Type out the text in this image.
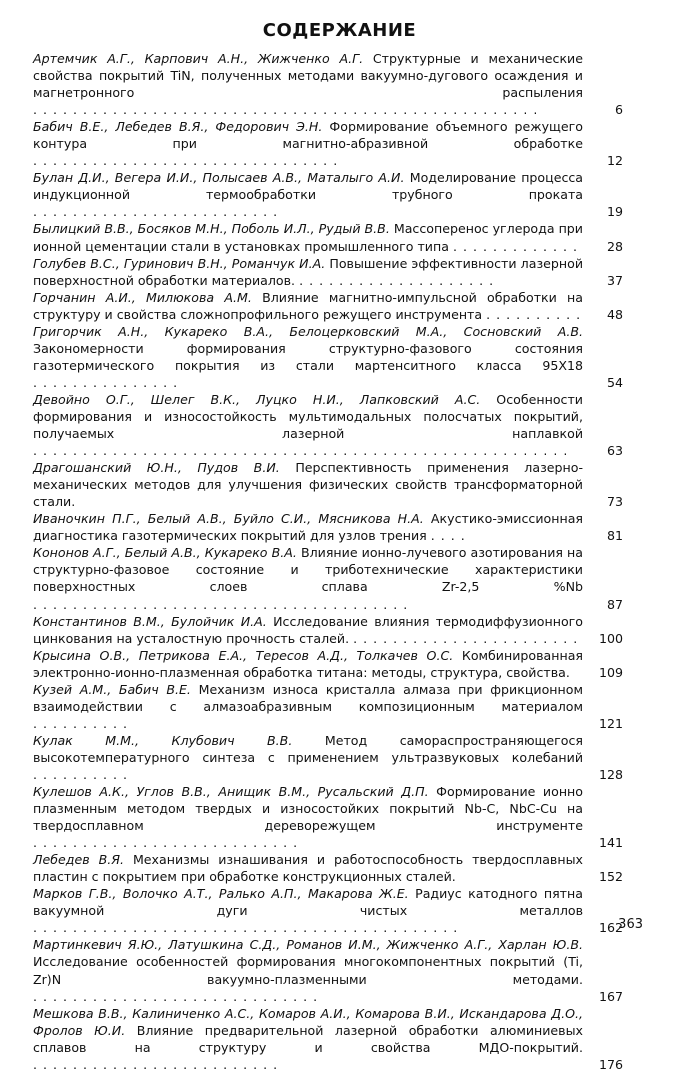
СОДЕРЖАНИЕ
Артемчик А.Г., Карпович А.Н., Жижченко А.Г. Структурные и механические свойства покрытий TiN, полученных методами вакуумно-дугового осаждения и магнетронного распыления . . . . . . . . . . . . . . . . . . . . . . . . . . . . . . . . . . . . . . . . . . . . . . . . . . .	6
Бабич В.Е., Лебедев В.Я., Федорович Э.Н. Формирование объемного режущего контура при магнитно-абразивной обработке . . . . . . . . . . . . . . . . . . . . . . . . . . . . . . .	12
Булан Д.И., Вегера И.И., Полысаев А.В., Маталыго А.И. Моделирование процесса индукционной термообработки трубного проката . . . . . . . . . . . . . . . . . . . . . . . . .	19
Былицкий В.В., Босяков М.Н., Поболь И.Л., Рудый В.В. Массоперенос углерода при ионной цементации стали в установках промышленного типа . . . . . . . . . . . . .	28
Голубев В.С., Гуринович В.Н., Романчук И.А. Повышение эффективности лазерной поверхностной обработки материалов. . . . . . . . . . . . . . . . . . . . .	37
Горчанин А.И., Милюкова А.М. Влияние магнитно-импульсной обработки на структуру и свойства сложнопрофильного режущего инструмента . . . . . . . . . .	48
Григорчик А.Н., Кукареко В.А., Белоцерковский М.А., Сосновский А.В. Закономерности формирования структурно-фазового состояния газотермического покрытия из стали мартенситного класса 95Х18 . . . . . . . . . . . . . . .	54
Девойно О.Г., Шелег В.К., Луцко Н.И., Лапковский А.С. Особенности формирования и износостойкость мультимодальных полосчатых покрытий, получаемых лазерной наплавкой . . . . . . . . . . . . . . . . . . . . . . . . . . . . . . . . . . . . . . . . . . . . . . . . . . . . . .	63
Драгошанский Ю.Н., Пудов В.И. Перспективность применения лазерно-механических методов для улучшения физических свойств трансформаторной стали.	73
Иваночкин П.Г., Белый А.В., Буйло С.И., Мясникова Н.А. Акустико-эмиссионная диагностика газотермических покрытий для узлов трения . . . .	81
Кононов А.Г., Белый А.В., Кукареко В.А. Влияние ионно-лучевого азотирования на структурно-фазовое состояние и триботехнические характеристики поверхностных слоев сплава Zr-2,5 %Nb . . . . . . . . . . . . . . . . . . . . . . . . . . . . . . . . . . . . . .	87
Константинов В.М., Булойчик И.А. Исследование влияния термодиффузионного цинкования на усталостную прочность сталей. . . . . . . . . . . . . . . . . . . . . . . .	100
Крысина О.В., Петрикова Е.А., Тересов А.Д., Толкачев О.С. Комбинированная электронно-ионно-плазменная обработка титана: методы, структура, свойства.	109
Кузей А.М., Бабич В.Е. Механизм износа кристалла алмаза при фрикционном взаимодействии с алмазоабразивным композиционным материалом . . . . . . . . . .	121
Кулак М.М., Клубович В.В.	Метод самораспространяющегося высокотемпературного синтеза с применением ультразвуковых колебаний . . . . . . . . . .	128
Кулешов А.К., Углов В.В., Анищик В.М., Русальский Д.П. Формирование ионно плазменным методом твердых и износостойких покрытий Nb-C, NbC-Cu на твердосплавном дереворежущем инструменте . . . . . . . . . . . . . . . . . . . . . . . . . . .	141
Лебедев В.Я. Механизмы изнашивания и работоспособность твердосплавных пластин с покрытием при обработке конструкционных сталей.	152
Марков Г.В., Волочко А.Т., Ралько А.П., Макарова Ж.Е. Радиус катодного пятна вакуумной дуги чистых металлов . . . . . . . . . . . . . . . . . . . . . . . . . . . . . . . . . . . . . . . . . . .	162
Мартинкевич Я.Ю., Латушкина С.Д., Романов И.М., Жижченко А.Г., Харлан Ю.В. Исследование особенностей формирования многокомпонентных покрытий (Ti, Zr)N вакуумно-плазменными методами. . . . . . . . . . . . . . . . . . . . . . . . . . . . . .	167
Мешкова В.В., Калиниченко А.С., Комаров А.И., Комарова В.И., Искандарова Д.О., Фролов Ю.И. Влияние предварительной лазерной обработки алюминиевых сплавов на структуру и свойства МДО-покрытий. . . . . . . . . . . . . . . . . . . . . . . . . .	176
363
